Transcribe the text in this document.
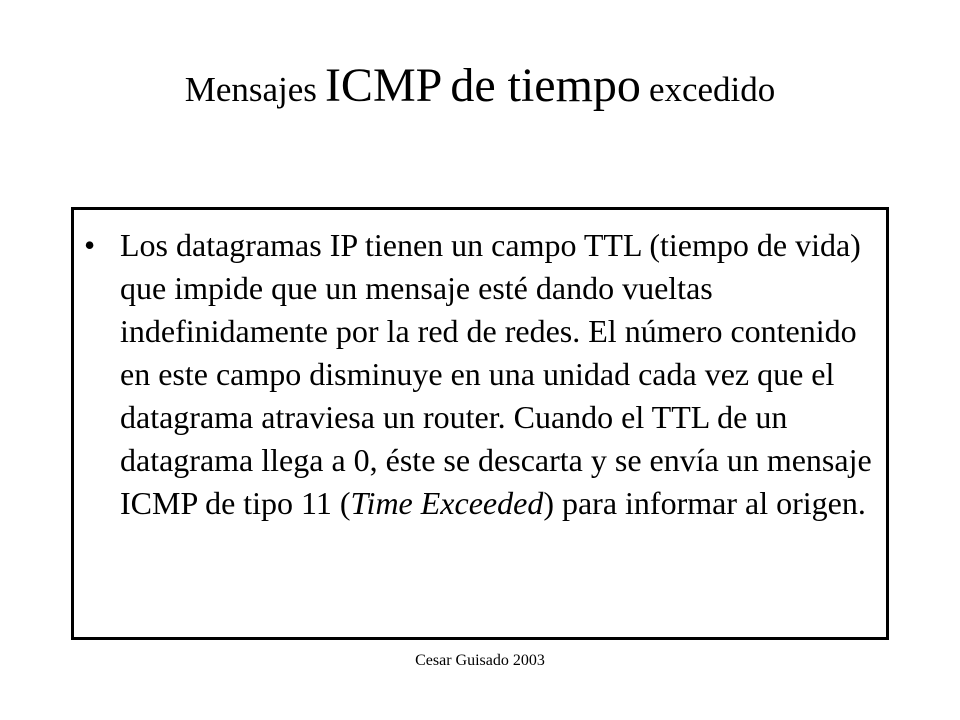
Mensajes ICMP de tiempo excedido
• Los datagramas IP tienen un campo TTL (tiempo de vida) que impide que un mensaje esté dando vueltas indefinidamente por la red de redes. El número contenido en este campo disminuye en una unidad cada vez que el datagrama atraviesa un router. Cuando el TTL de un datagrama llega a 0, éste se descarta y se envía un mensaje ICMP de tipo 11 (Time Exceeded) para informar al origen.
Cesar Guisado 2003
